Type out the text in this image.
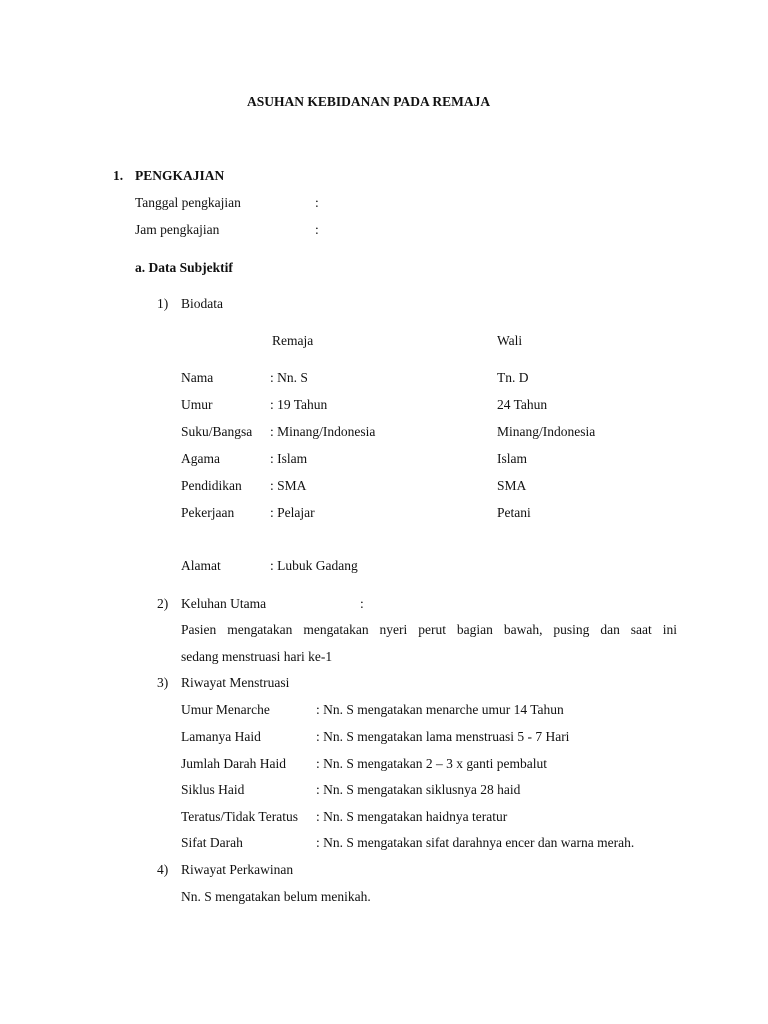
ASUHAN KEBIDANAN PADA REMAJA
1. PENGKAJIAN
Tanggal pengkajian	:
Jam pengkajian	:
a. Data Subjektif
1) Biodata
Remaja	Wali
Nama	: Nn. S	Tn. D
Umur	: 19 Tahun	24 Tahun
Suku/Bangsa : Minang/Indonesia	Minang/Indonesia
Agama	: Islam	Islam
Pendidikan : SMA	SMA
Pekerjaan	: Pelajar	Petani
Alamat	: Lubuk Gadang
2) Keluhan Utama	:
Pasien mengatakan mengatakan nyeri perut bagian bawah, pusing dan saat ini
sedang menstruasi hari ke-1
3) Riwayat Menstruasi
Umur Menarche	: Nn. S mengatakan menarche umur 14 Tahun
Lamanya Haid	: Nn. S mengatakan lama menstruasi 5 - 7 Hari
Jumlah Darah Haid : Nn. S mengatakan 2 – 3 x ganti pembalut
Siklus Haid	: Nn. S mengatakan siklusnya 28 haid
Teratus/Tidak Teratus : Nn. S mengatakan haidnya teratur
Sifat Darah	: Nn. S mengatakan sifat darahnya encer dan warna merah.
4) Riwayat Perkawinan
Nn. S mengatakan belum menikah.
